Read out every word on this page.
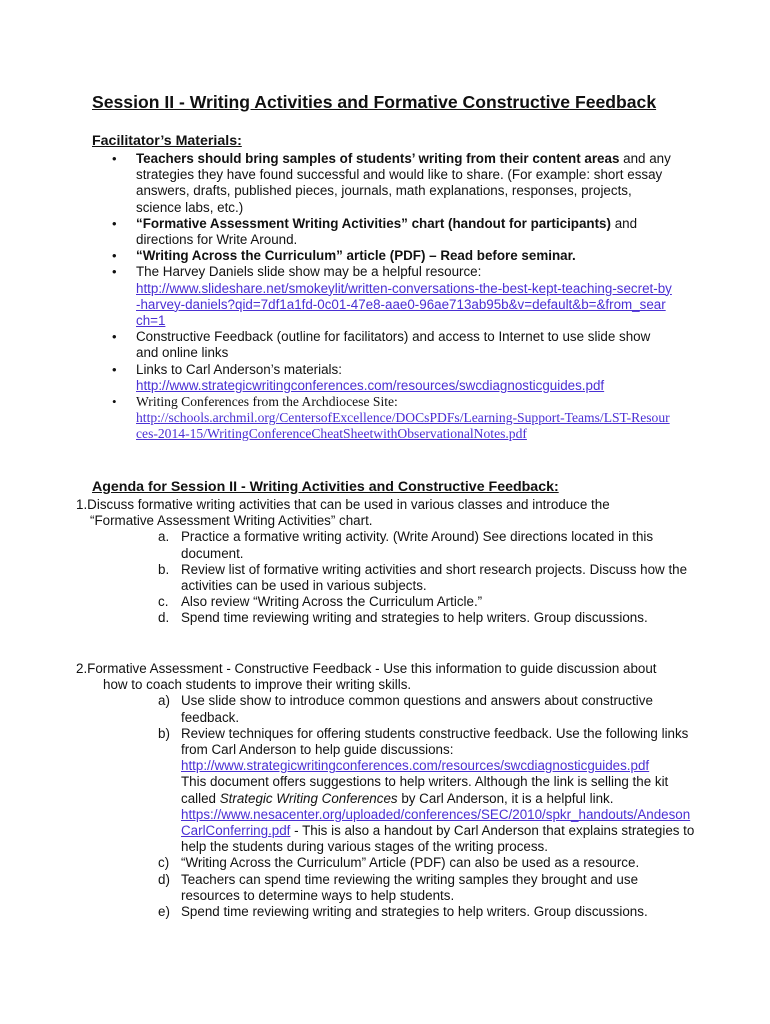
Session II - Writing Activities and Formative Constructive Feedback
Facilitator’s Materials:
• Teachers should bring samples of students’ writing from their content areas and any strategies they have found successful and would like to share. (For example: short essay answers, drafts, published pieces, journals, math explanations, responses, projects, science labs, etc.)
• “Formative Assessment Writing Activities” chart (handout for participants) and directions for Write Around.
• “Writing Across the Curriculum” article (PDF) – Read before seminar.
• The Harvey Daniels slide show may be a helpful resource:
http://www.slideshare.net/smokeylit/written-conversations-the-best-kept-teaching-secret-by-harvey-daniels?qid=7df1a1fd-0c01-47e8-aae0-96ae713ab95b&v=default&b=&from_search=1
• Constructive Feedback (outline for facilitators) and access to Internet to use slide show and online links
• Links to Carl Anderson’s materials:
http://www.strategicwritingconferences.com/resources/swcdiagnosticguides.pdf
• Writing Conferences from the Archdiocese Site:
http://schools.archmil.org/CentersofExcellence/DOCsPDFs/Learning-Support-Teams/LST-Resources-2014-15/WritingConferenceCheatSheetwithObservationalNotes.pdf
Agenda for Session II - Writing Activities and Constructive Feedback:
1.Discuss formative writing activities that can be used in various classes and introduce the “Formative Assessment Writing Activities” chart.
a. Practice a formative writing activity. (Write Around) See directions located in this document.
b. Review list of formative writing activities and short research projects. Discuss how the activities can be used in various subjects.
c. Also review “Writing Across the Curriculum Article.”
d. Spend time reviewing writing and strategies to help writers. Group discussions.
2.Formative Assessment - Constructive Feedback - Use this information to guide discussion about how to coach students to improve their writing skills.
a) Use slide show to introduce common questions and answers about constructive feedback.
b) Review techniques for offering students constructive feedback. Use the following links from Carl Anderson to help guide discussions:
http://www.strategicwritingconferences.com/resources/swcdiagnosticguides.pdf
This document offers suggestions to help writers. Although the link is selling the kit called Strategic Writing Conferences by Carl Anderson, it is a helpful link.
https://www.nesacenter.org/uploaded/conferences/SEC/2010/spkr_handouts/AndesonCarlConferring.pdf - This is also a handout by Carl Anderson that explains strategies to help the students during various stages of the writing process.
c) “Writing Across the Curriculum” Article (PDF) can also be used as a resource.
d) Teachers can spend time reviewing the writing samples they brought and use resources to determine ways to help students.
e) Spend time reviewing writing and strategies to help writers. Group discussions.
